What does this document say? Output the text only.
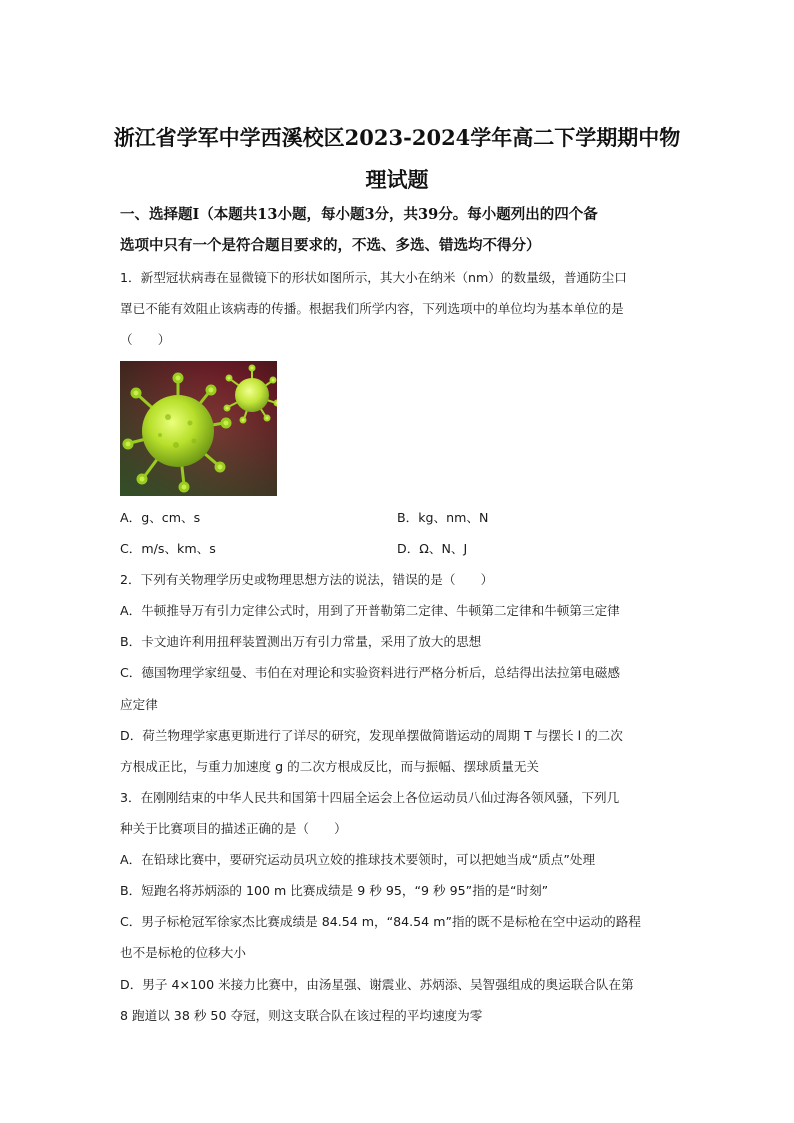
浙江省学军中学西溪校区2023-2024学年高二下学期期中物
理试题
一、选择题Ⅰ（本题共13小题，每小题3分，共39分。每小题列出的四个备
选项中只有一个是符合题目要求的，不选、多选、错选均不得分）
1．新型冠状病毒在显微镜下的形状如图所示，其大小在纳米（nm）的数量级，普通防尘口
罩已不能有效阻止该病毒的传播。根据我们所学内容，下列选项中的单位均为基本单位的是
（　　）
A．g、cm、s	B．kg、nm、N
C．m/s、km、s	D．Ω、N、J
2．下列有关物理学历史或物理思想方法的说法，错误的是（　　）
A．牛顿推导万有引力定律公式时，用到了开普勒第二定律、牛顿第二定律和牛顿第三定律
B．卡文迪许利用扭秤装置测出万有引力常量，采用了放大的思想
C．德国物理学家纽曼、韦伯在对理论和实验资料进行严格分析后，总结得出法拉第电磁感
应定律
D．荷兰物理学家惠更斯进行了详尽的研究，发现单摆做简谐运动的周期 T 与摆长 l 的二次
方根成正比，与重力加速度 g 的二次方根成反比，而与振幅、摆球质量无关
3．在刚刚结束的中华人民共和国第十四届全运会上各位运动员八仙过海各领风骚，下列几
种关于比赛项目的描述正确的是（　　）
A．在铅球比赛中，要研究运动员巩立姣的推球技术要领时，可以把她当成“质点”处理
B．短跑名将苏炳添的 100 m 比赛成绩是 9 秒 95，“9 秒 95”指的是“时刻”
C．男子标枪冠军徐家杰比赛成绩是 84.54 m，“84.54 m”指的既不是标枪在空中运动的路程
也不是标枪的位移大小
D．男子 4×100 米接力比赛中，由汤星强、谢震业、苏炳添、吴智强组成的奥运联合队在第
8 跑道以 38 秒 50 夺冠，则这支联合队在该过程的平均速度为零
